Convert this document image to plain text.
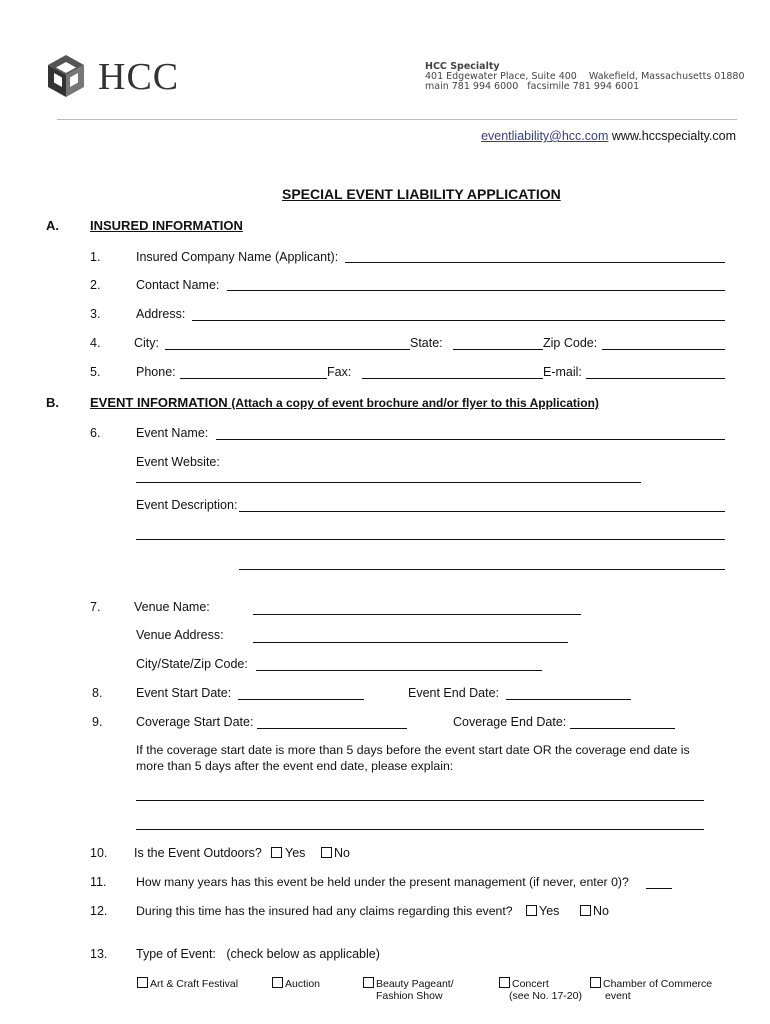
HCC	HCC Specialty
401 Edgewater Place, Suite 400    Wakefield, Massachusetts 01880
main 781 994 6000   facsimile 781 994 6001
eventliability@hcc.com www.hccspecialty.com
SPECIAL EVENT LIABILITY APPLICATION
A. INSURED INFORMATION
1.	Insured Company Name (Applicant):
2.	Contact Name:
3.	Address:
4.	City:	State:	Zip Code:
5.	Phone:	Fax:	E-mail:
B. EVENT INFORMATION (Attach a copy of event brochure and/or flyer to this Application)
6.	Event Name:
Event Website:
Event Description:
7.	Venue Name:
Venue Address:
City/State/Zip Code:
8.	Event Start Date:	Event End Date:
9.	Coverage Start Date:	Coverage End Date:
If the coverage start date is more than 5 days before the event start date OR the coverage end date is
more than 5 days after the event end date, please explain:
10. Is the Event Outdoors? Yes No
11. How many years has this event be held under the present management (if never, enter 0)?
12. During this time has the insured had any claims regarding this event? Yes	No
13. Type of Event:   (check below as applicable)
Art & Craft Festival	Auction	Beauty Pageant/
Fashion Show
Concert
(see No. 17-20)
Chamber of Commerce
event
